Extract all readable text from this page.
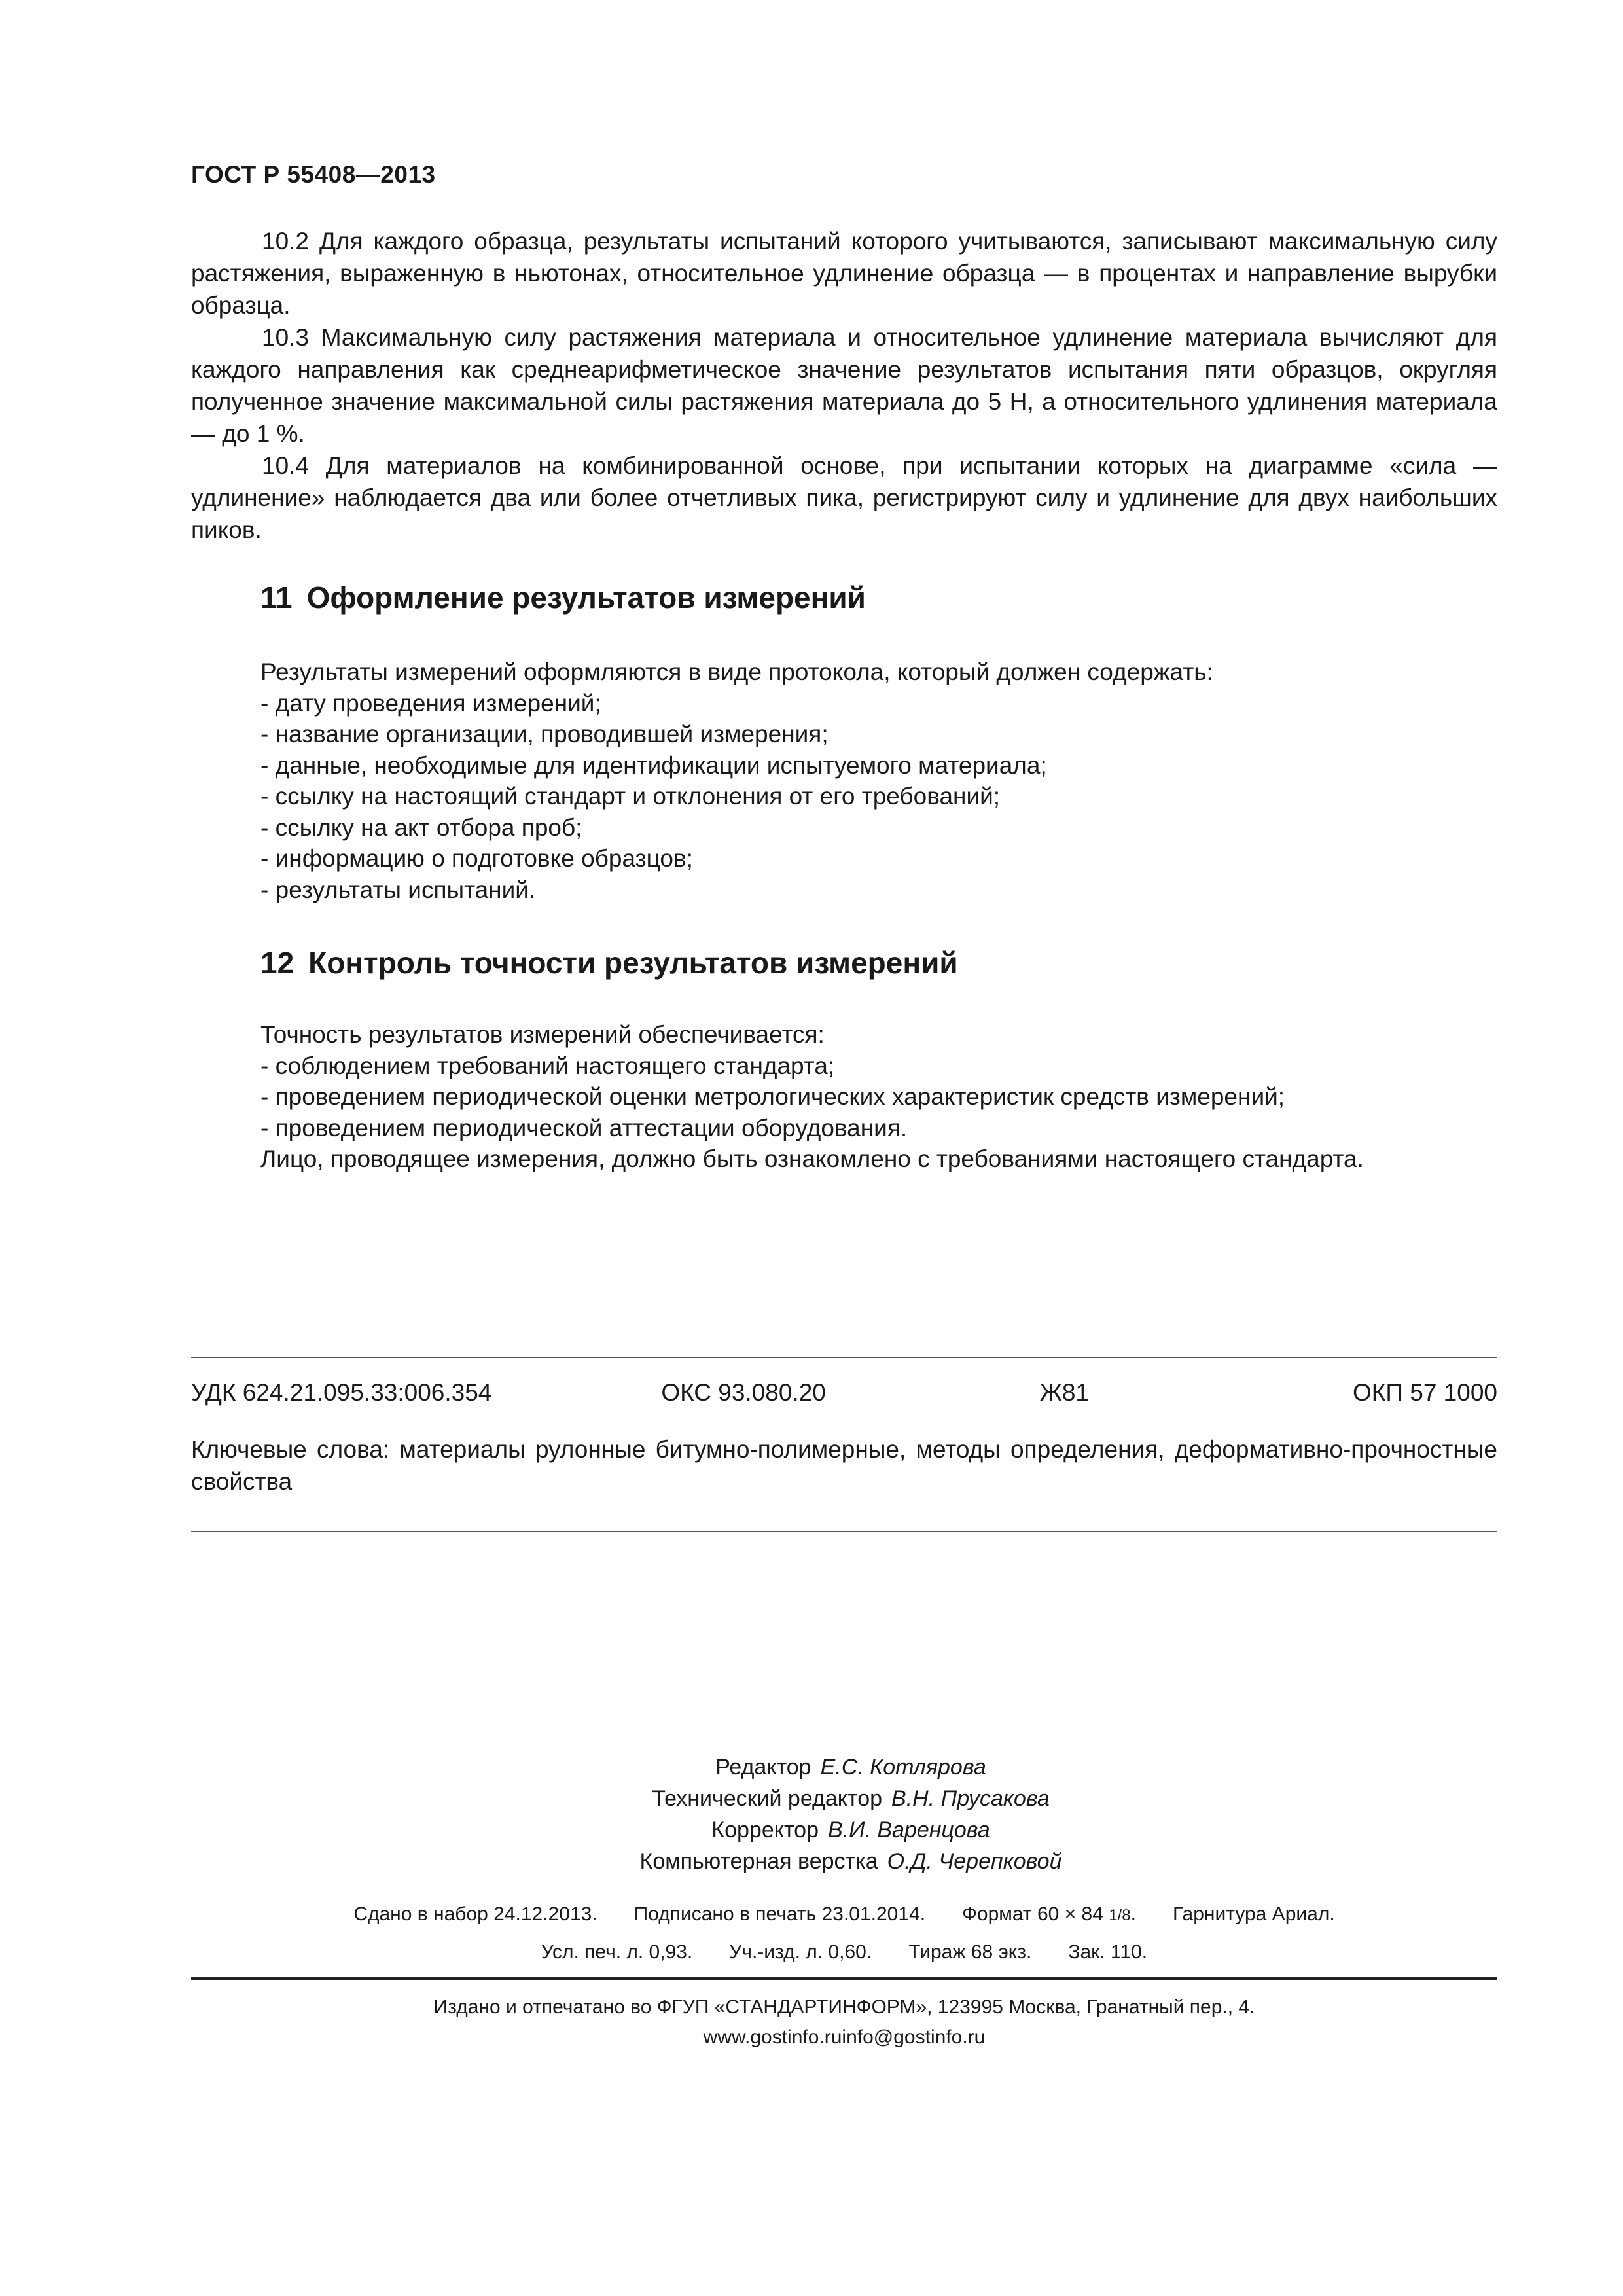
ГОСТ Р 55408—2013

10.2 Для каждого образца, результаты испытаний которого учитываются, записывают максимальную силу растяжения, выраженную в ньютонах, относительное удлинение образца — в процентах и направление вырубки образца.

10.3 Максимальную силу растяжения материала и относительное удлинение материала вычисляют для каждого направления как среднеарифметическое значение результатов испытания пяти образцов, округляя полученное значение максимальной силы растяжения материала до 5 Н, а относительного удлинения материала — до 1 %.

10.4 Для материалов на комбинированной основе, при испытании которых на диаграмме «сила — удлинение» наблюдается два или более отчетливых пика, регистрируют силу и удлинение для двух наибольших пиков.

11 Оформление результатов измерений
Результаты измерений оформляются в виде протокола, который должен содержать:
- дату проведения измерений;
- название организации, проводившей измерения;
- данные, необходимые для идентификации испытуемого материала;
- ссылку на настоящий стандарт и отклонения от его требований;
- ссылку на акт отбора проб;
- информацию о подготовке образцов;
- результаты испытаний.
12 Контроль точности результатов измерений
Точность результатов измерений обеспечивается:
- соблюдением требований настоящего стандарта;
- проведением периодической оценки метрологических характеристик средств измерений;
- проведением периодической аттестации оборудования.
Лицо, проводящее измерения, должно быть ознакомлено с требованиями настоящего стандарта.
УДК 624.21.095.33:006.354	ОКС 93.080.20	Ж81	ОКП 57 1000
Ключевые слова: материалы рулонные битумно-полимерные, методы определения, деформативно-прочностные свойства
Редактор Е.С. Котлярова
Технический редактор В.Н. Прусакова
Корректор В.И. Варенцова
Компьютерная верстка О.Д. Черепковой
Сдано в набор 24.12.2013. Подписано в печать 23.01.2014. Формат 60 × 84 1/8. Гарнитура Ариал.
Усл. печ. л. 0,93. Уч.-изд. л. 0,60. Тираж 68 экз. Зак. 110.
Издано и отпечатано во ФГУП «СТАНДАРТИНФОРМ», 123995 Москва, Гранатный пер., 4.
www.gostinfo.ruinfo@gostinfo.ru
